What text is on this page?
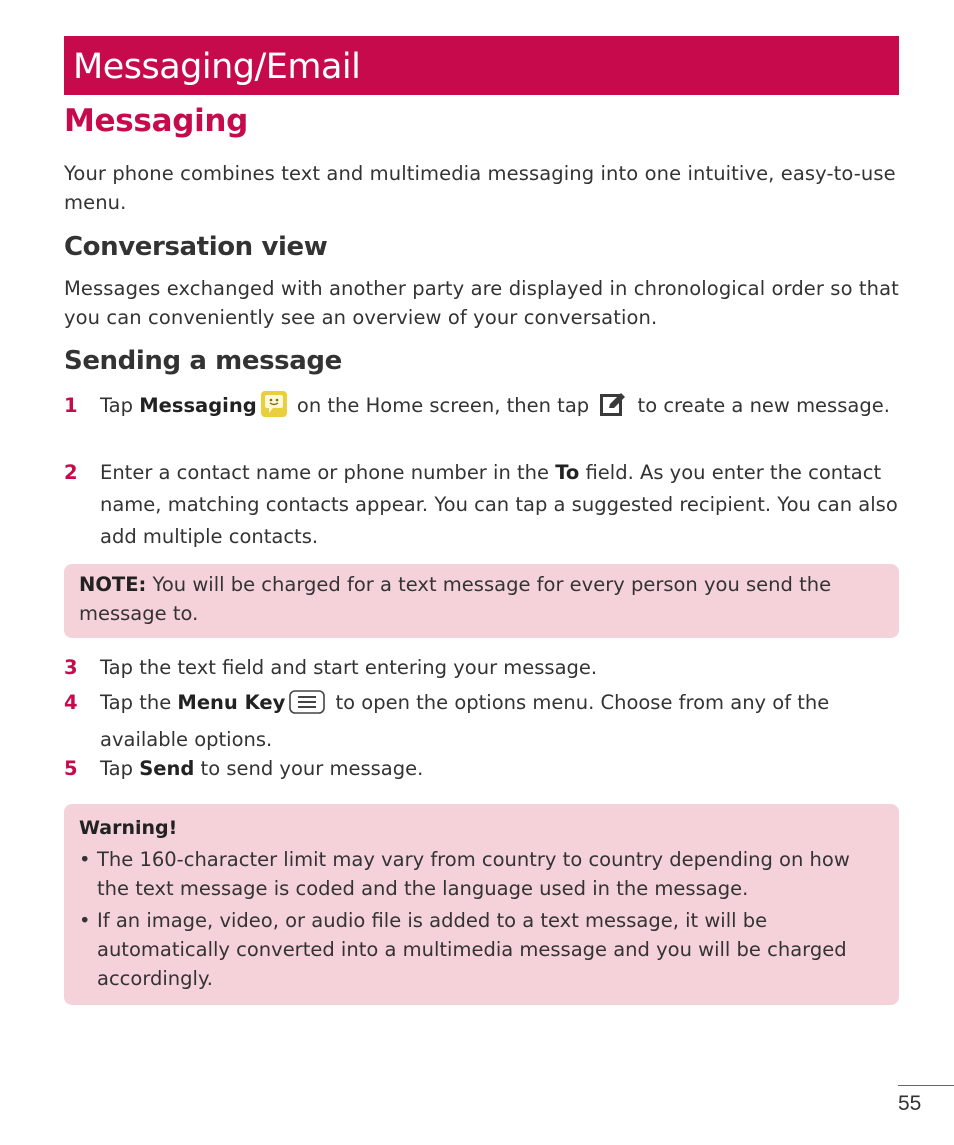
Messaging/Email
Messaging

Your phone combines text and multimedia messaging into one intuitive, easy-to-use menu.

Conversation view

Messages exchanged with another party are displayed in chronological order so that you can conveniently see an overview of your conversation.

Sending a message
1	Tap Messaging on the Home screen, then tap  to create a new message.
2	Enter a contact name or phone number in the To field. As you enter the contact name, matching contacts appear. You can tap a suggested recipient. You can also add multiple contacts.
NOTE: You will be charged for a text message for every person you send the message to.
3	Tap the text field and start entering your message.
4	Tap the Menu Key to open the options menu. Choose from any of the available options.
5	Tap Send to send your message.
Warning!
• The 160-character limit may vary from country to country depending on how the text message is coded and the language used in the message.
• If an image, video, or audio file is added to a text message, it will be automatically converted into a multimedia message and you will be charged accordingly.
55
